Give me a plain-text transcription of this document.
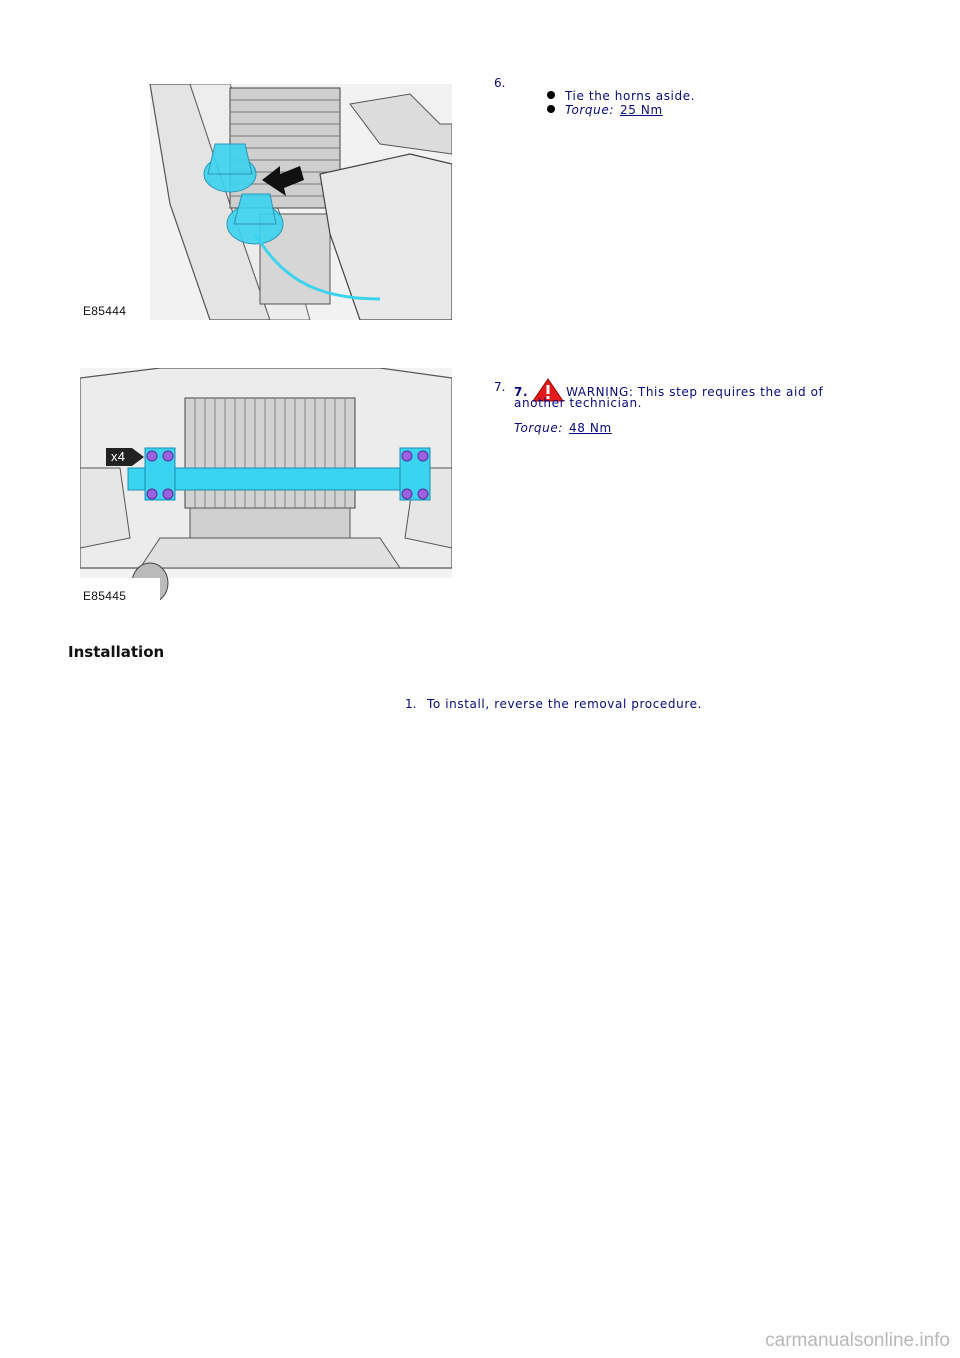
E85444
6.
Tie the horns aside.
Torque: 25 Nm
x4
E85445
7. 7.	WARNING: This step requires the aid of
another technician.
Torque: 48 Nm
Installation
1. To install, reverse the removal procedure.
carmanualsonline.info
